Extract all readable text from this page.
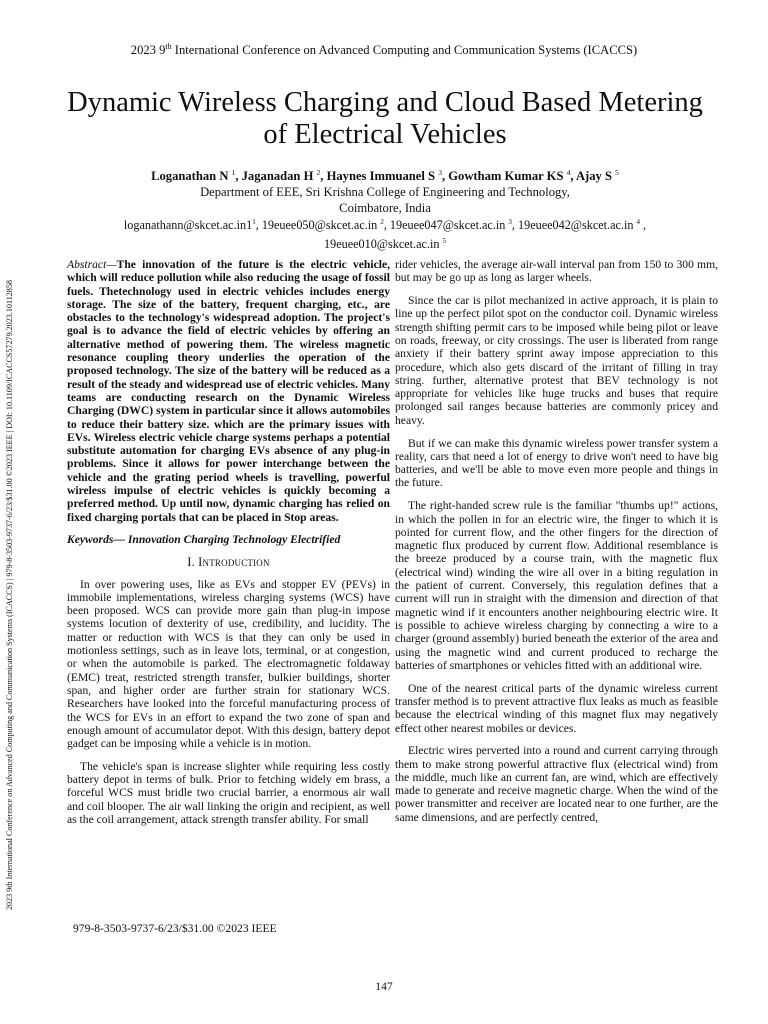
2023 9th International Conference on Advanced Computing and Communication Systems (ICACCS)
2023 9th International Conference on Advanced Computing and Communication Systems (ICACCS) | 979-8-3503-9737-6/23/$31.00 ©2023 IEEE | DOI: 10.1109/ICACCS57279.2023.10112858
Dynamic Wireless Charging and Cloud Based Metering of Electrical Vehicles
Loganathan N $^1$, Jaganadan H $^2$, Haynes Immuanel S $^3$, Gowtham Kumar KS $^4$, Ajay S $^5$
Department of EEE, Sri Krishna College of Engineering and Technology,
Coimbatore, India
$loganathann@skcet.ac.in1^1$, 19euee050@skcet.ac.in $^2$, 19euee047@skcet.ac.in $^3$, 19euee042@skcet.ac.in $^4$ ,
19euee010@skcet.ac.in $^5$

Abstract—The innovation of the future is the electric vehicle, which will reduce pollution while also reducing the usage of fossil fuels. Thetechnology used in electric vehicles includes energy storage. The size of the battery, frequent charging, etc., are obstacles to the technology's widespread adoption. The project's goal is to advance the field of electric vehicles by offering an alternative method of powering them. The wireless magnetic resonance coupling theory underlies the operation of the proposed technology. The size of the battery will be reduced as a result of the steady and widespread use of electric vehicles. Many teams are conducting research on the Dynamic Wireless Charging (DWC) system in particular since it allows automobiles to reduce their battery size. which are the primary issues with EVs. Wireless electric vehicle charge systems perhaps a potential substitute automation for charging EVs absence of any plug-in problems. Since it allows for power interchange between the vehicle and the grating period wheels is travelling, powerful wireless impulse of electric vehicles is quickly becoming a preferred method. Up until now, dynamic charging has relied on fixed charging portals that can be placed in Stop areas.

Keywords— Innovation Charging Technology Electrified

I. Introduction

In over powering uses, like as EVs and stopper EV (PEVs) in immobile implementations, wireless charging systems (WCS) have been proposed. WCS can provide more gain than plug-in impose systems locution of dexterity of use, credibility, and lucidity. The matter or reduction with WCS is that they can only be used in motionless settings, such as in leave lots, terminal, or at congestion, or when the automobile is parked. The electromagnetic foldaway (EMC) treat, restricted strength transfer, bulkier buildings, shorter span, and higher order are further strain for stationary WCS. Researchers have looked into the forceful manufacturing process of the WCS for EVs in an effort to expand the two zone of span and enough amount of accumulator depot. With this design, battery depot gadget can be imposing while a vehicle is in motion.

The vehicle's span is increase slighter while requiring less costly battery depot in terms of bulk. Prior to fetching widely em brass, a forceful WCS must bridle two crucial barrier, a enormous air wall and coil blooper. The air wall linking the origin and recipient, as well as the coil arrangement, attack strength transfer ability. For small

rider vehicles, the average air-wall interval pan from 150 to 300 mm, but may be go up as long as larger wheels.

Since the car is pilot mechanized in active approach, it is plain to line up the perfect pilot spot on the conductor coil. Dynamic wireless strength shifting permit cars to be imposed while being pilot or leave on roads, freeway, or city crossings. The user is liberated from range anxiety if their battery sprint away impose appreciation to this procedure, which also gets discard of the irritant of filling in tray string. further, alternative protest that BEV technology is not appropriate for vehicles like huge trucks and buses that require prolonged sail ranges because batteries are commonly pricey and heavy.

But if we can make this dynamic wireless power transfer system a reality, cars that need a lot of energy to drive won't need to have big batteries, and we'll be able to move even more people and things in the future.

The right-handed screw rule is the familiar "thumbs up!" actions, in which the pollen in for an electric wire, the finger to which it is pointed for current flow, and the other fingers for the direction of magnetic flux produced by current flow. Additional resemblance is the breeze produced by a course train, with the magnetic flux (electrical wind) winding the wire all over in a biting regulation in the patient of current. Conversely, this regulation defines that a current will run in straight with the dimension and direction of that magnetic wind if it encounters another neighbouring electric wire. It is possible to achieve wireless charging by connecting a wire to a charger (ground assembly) buried beneath the exterior of the area and using the magnetic wind and current produced to recharge the batteries of smartphones or vehicles fitted with an additional wire.

One of the nearest critical parts of the dynamic wireless current transfer method is to prevent attractive flux leaks as much as feasible because the electrical winding of this magnet flux may negatively effect other nearest mobiles or devices.

Electric wires perverted into a round and current carrying through them to make strong powerful attractive flux (electrical wind) from the middle, much like an current fan, are wind, which are effectively made to generate and receive magnetic charge. When the wind of the power transmitter and receiver are located near to one further, are the same dimensions, and are perfectly centred,

979-8-3503-9737-6/23/$31.00 ©2023 IEEE
147
